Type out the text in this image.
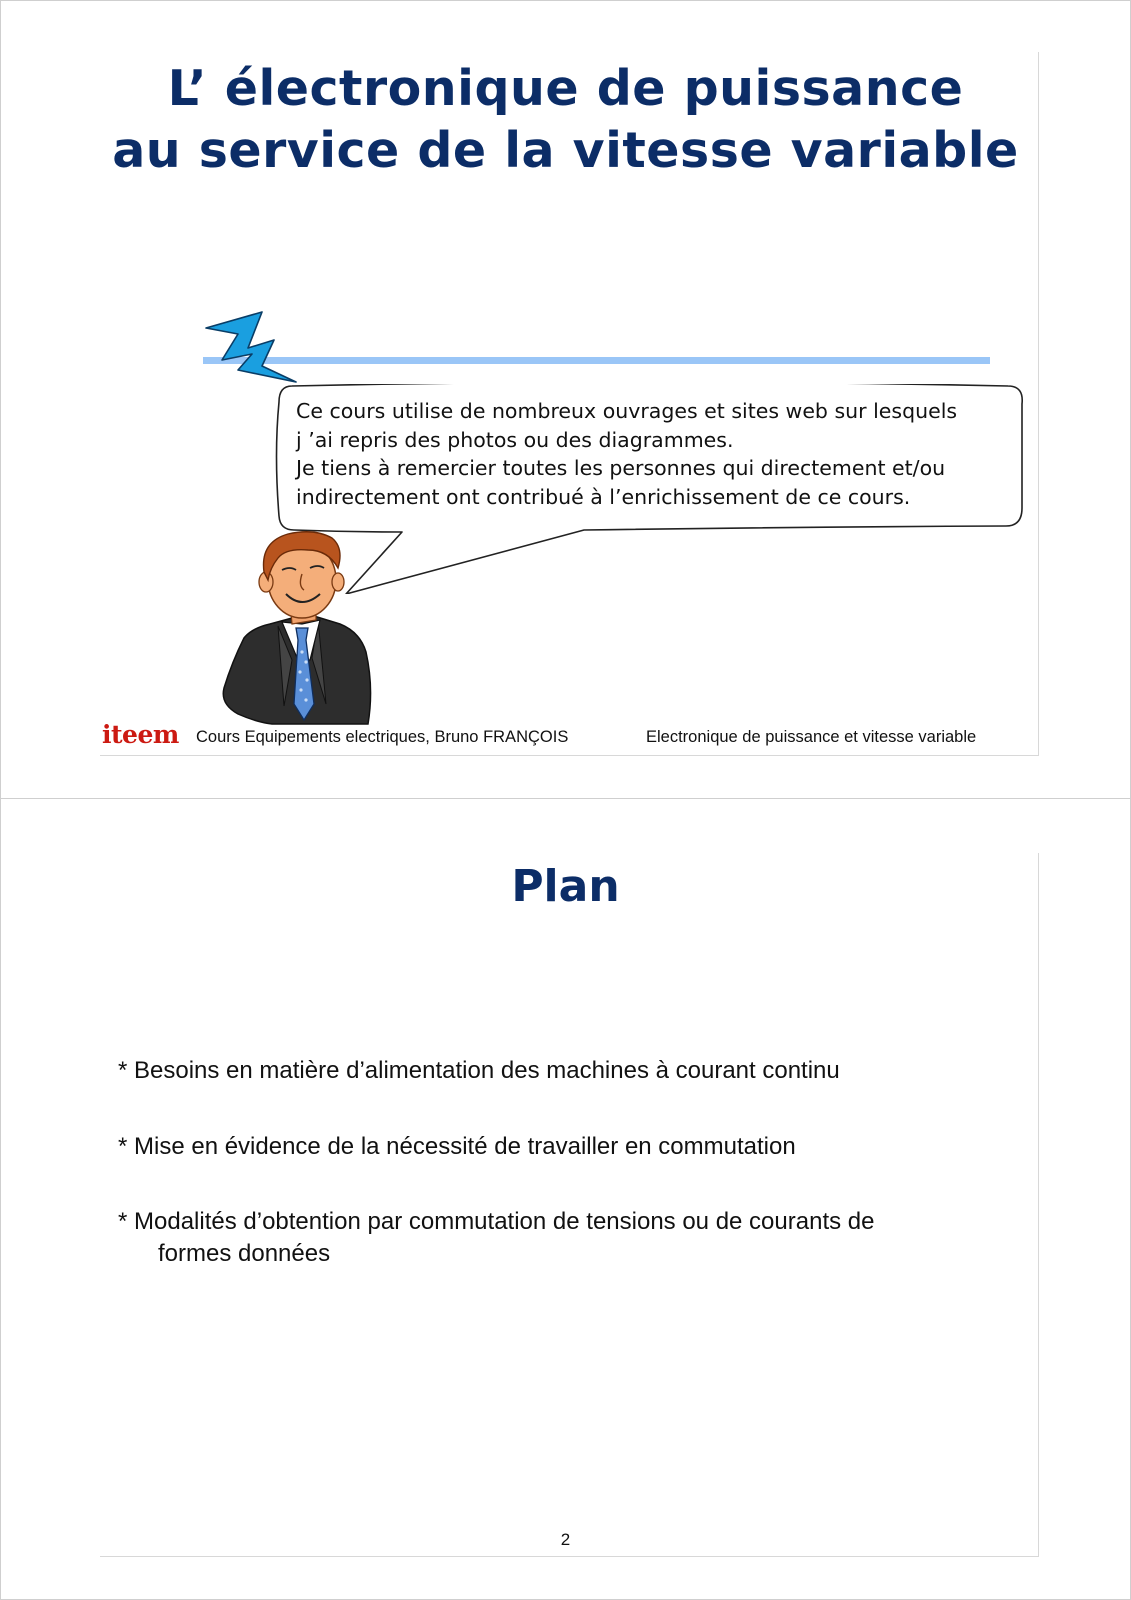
L’ électronique de puissance
au service de la vitesse variable
Ce cours utilise de nombreux ouvrages et sites web sur lesquels
j ’ai repris des photos ou des diagrammes.
Je tiens à remercier toutes les personnes qui directement et/ou
indirectement ont contribué à l’enrichissement de ce cours.
iteem Cours Equipements electriques, Bruno FRANÇOIS	Electronique de puissance et vitesse variable
Plan
* Besoins en matière d’alimentation des machines à courant continu
* Mise en évidence de la nécessité de travailler en commutation
* Modalités d’obtention par commutation de tensions ou de courants de
formes données
2
